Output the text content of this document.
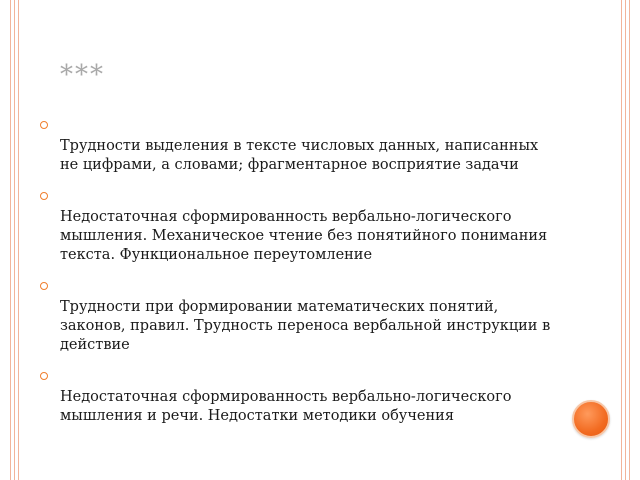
***
Трудности выделения в тексте числовых данных, написанных не цифрами, а словами; фрагментарное восприятие задачи
Недостаточная сформированность вербально-логического мышления. Механическое чтение без понятийного понимания текста. Функциональное переутомление
Трудности при формировании математических понятий, законов, правил. Трудность переноса вербальной инструкции в действие
Недостаточная сформированность вербально-логического мышления и речи. Недостатки методики обучения
